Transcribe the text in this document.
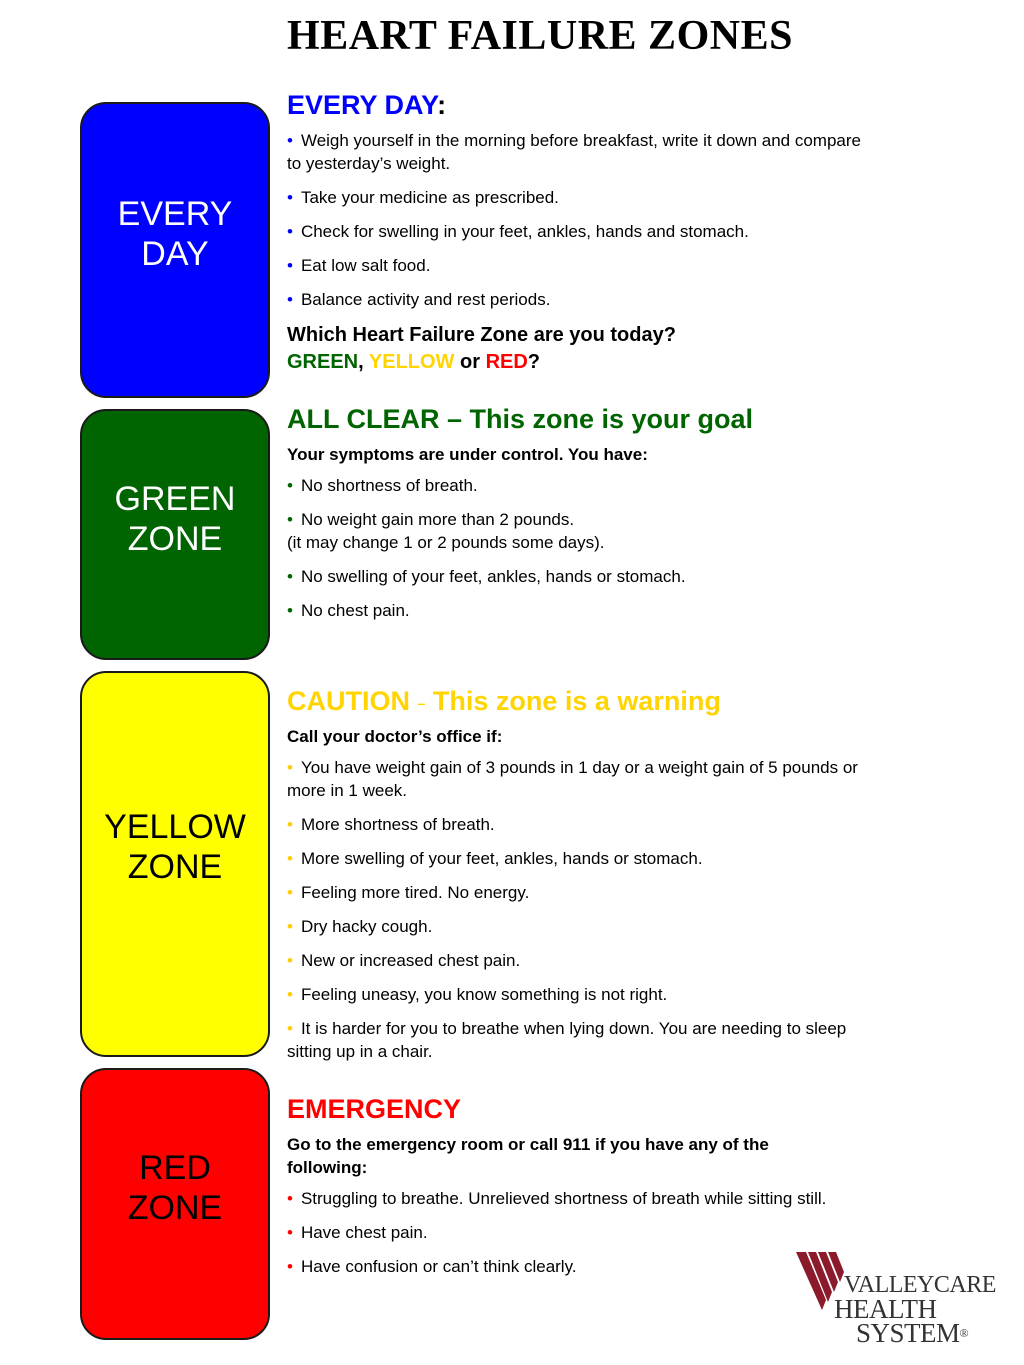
HEART FAILURE ZONES
EVERY
DAY
GREEN
ZONE
YELLOW
ZONE
RED
ZONE
EVERY DAY:
• Weigh yourself in the morning before breakfast, write it down and compare to yesterday’s weight.
• Take your medicine as prescribed.
• Check for swelling in your feet, ankles, hands and stomach.
• Eat low salt food.
• Balance activity and rest periods.
Which Heart Failure Zone are you today?
GREEN, YELLOW or RED?
ALL CLEAR – This zone is your goal
Your symptoms are under control. You have:
• No shortness of breath.
• No weight gain more than 2 pounds.
(it may change 1 or 2 pounds some days).
• No swelling of your feet, ankles, hands or stomach.
• No chest pain.
CAUTION – This zone is a warning
Call your doctor’s office if:
• You have weight gain of 3 pounds in 1 day or a weight gain of 5 pounds or more in 1 week.
• More shortness of breath.
• More swelling of your feet, ankles, hands or stomach.
• Feeling more tired. No energy.
• Dry hacky cough.
• New or increased chest pain.
• Feeling uneasy, you know something is not right.
• It is harder for you to breathe when lying down. You are needing to sleep sitting up in a chair.
EMERGENCY
Go to the emergency room or call 911 if you have any of the following:
• Struggling to breathe. Unrelieved shortness of breath while sitting still.
• Have chest pain.
• Have confusion or can’t think clearly.
VALLEYCARE
HEALTH
SYSTEM®
